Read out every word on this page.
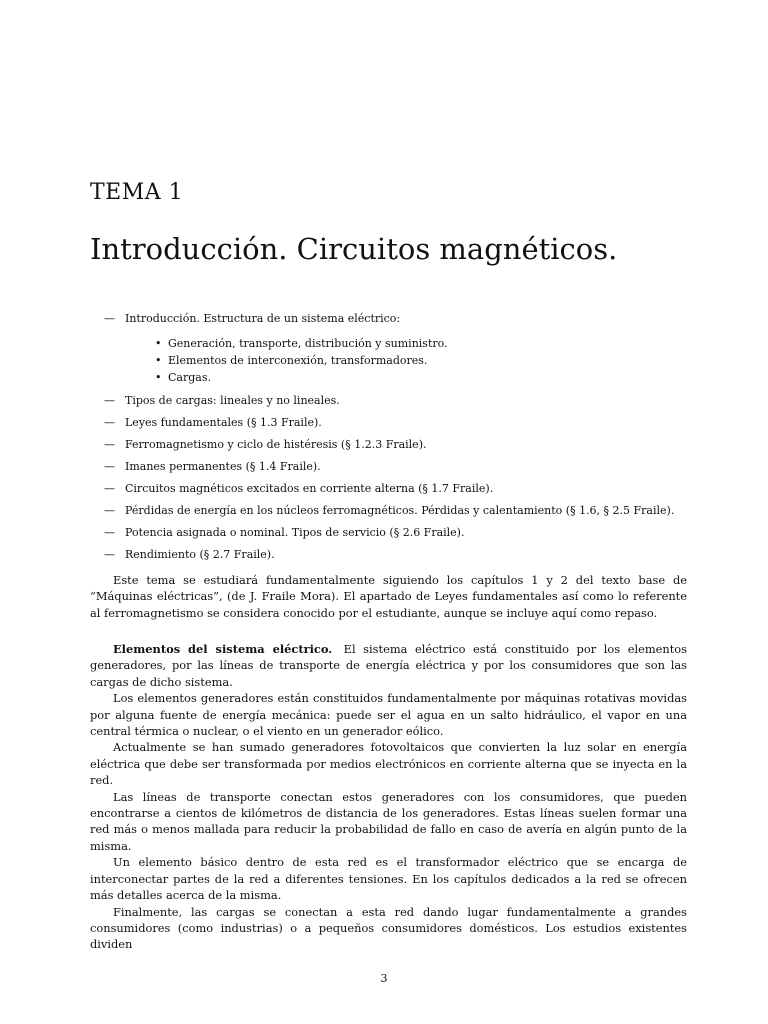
TEMA 1
Introducción. Circuitos magnéticos.
— Introducción. Estructura de un sistema eléctrico:
• Generación, transporte, distribución y suministro.
• Elementos de interconexión, transformadores.
• Cargas.
— Tipos de cargas: lineales y no lineales.
— Leyes fundamentales (§ 1.3 Fraile).
— Ferromagnetismo y ciclo de histéresis (§ 1.2.3 Fraile).
— Imanes permanentes (§ 1.4 Fraile).
— Circuitos magnéticos excitados en corriente alterna (§ 1.7 Fraile).
— Pérdidas de energía en los núcleos ferromagnéticos. Pérdidas y calentamiento (§ 1.6, § 2.5 Fraile).
— Potencia asignada o nominal. Tipos de servicio (§ 2.6 Fraile).
— Rendimiento (§ 2.7 Fraile).

Este tema se estudiará fundamentalmente siguiendo los capítulos 1 y 2 del texto base de “Máquinas eléctricas”, (de J. Fraile Mora). El apartado de Leyes fundamentales así como lo referente al ferromagnetismo se considera conocido por el estudiante, aunque se incluye aquí como repaso.

Elementos del sistema eléctrico.  El sistema eléctrico está constituido por los elementos generadores, por las líneas de transporte de energía eléctrica y por los consumidores que son las cargas de dicho sistema.

Los elementos generadores están constituidos fundamentalmente por máquinas rotativas movidas por alguna fuente de energía mecánica: puede ser el agua en un salto hidráulico, el vapor en una central térmica o nuclear, o el viento en un generador eólico.

Actualmente se han sumado generadores fotovoltaicos que convierten la luz solar en energía eléctrica que debe ser transformada por medios electrónicos en corriente alterna que se inyecta en la red.

Las líneas de transporte conectan estos generadores con los consumidores, que pueden encontrarse a cientos de kilómetros de distancia de los generadores. Estas líneas suelen formar una red más o menos mallada para reducir la probabilidad de fallo en caso de avería en algún punto de la misma.

Un elemento básico dentro de esta red es el transformador eléctrico que se encarga de interconectar partes de la red a diferentes tensiones. En los capítulos dedicados a la red se ofrecen más detalles acerca de la misma.

Finalmente, las cargas se conectan a esta red dando lugar fundamentalmente a grandes consumidores (como industrias) o a pequeños consumidores domésticos. Los estudios existentes dividen

3
